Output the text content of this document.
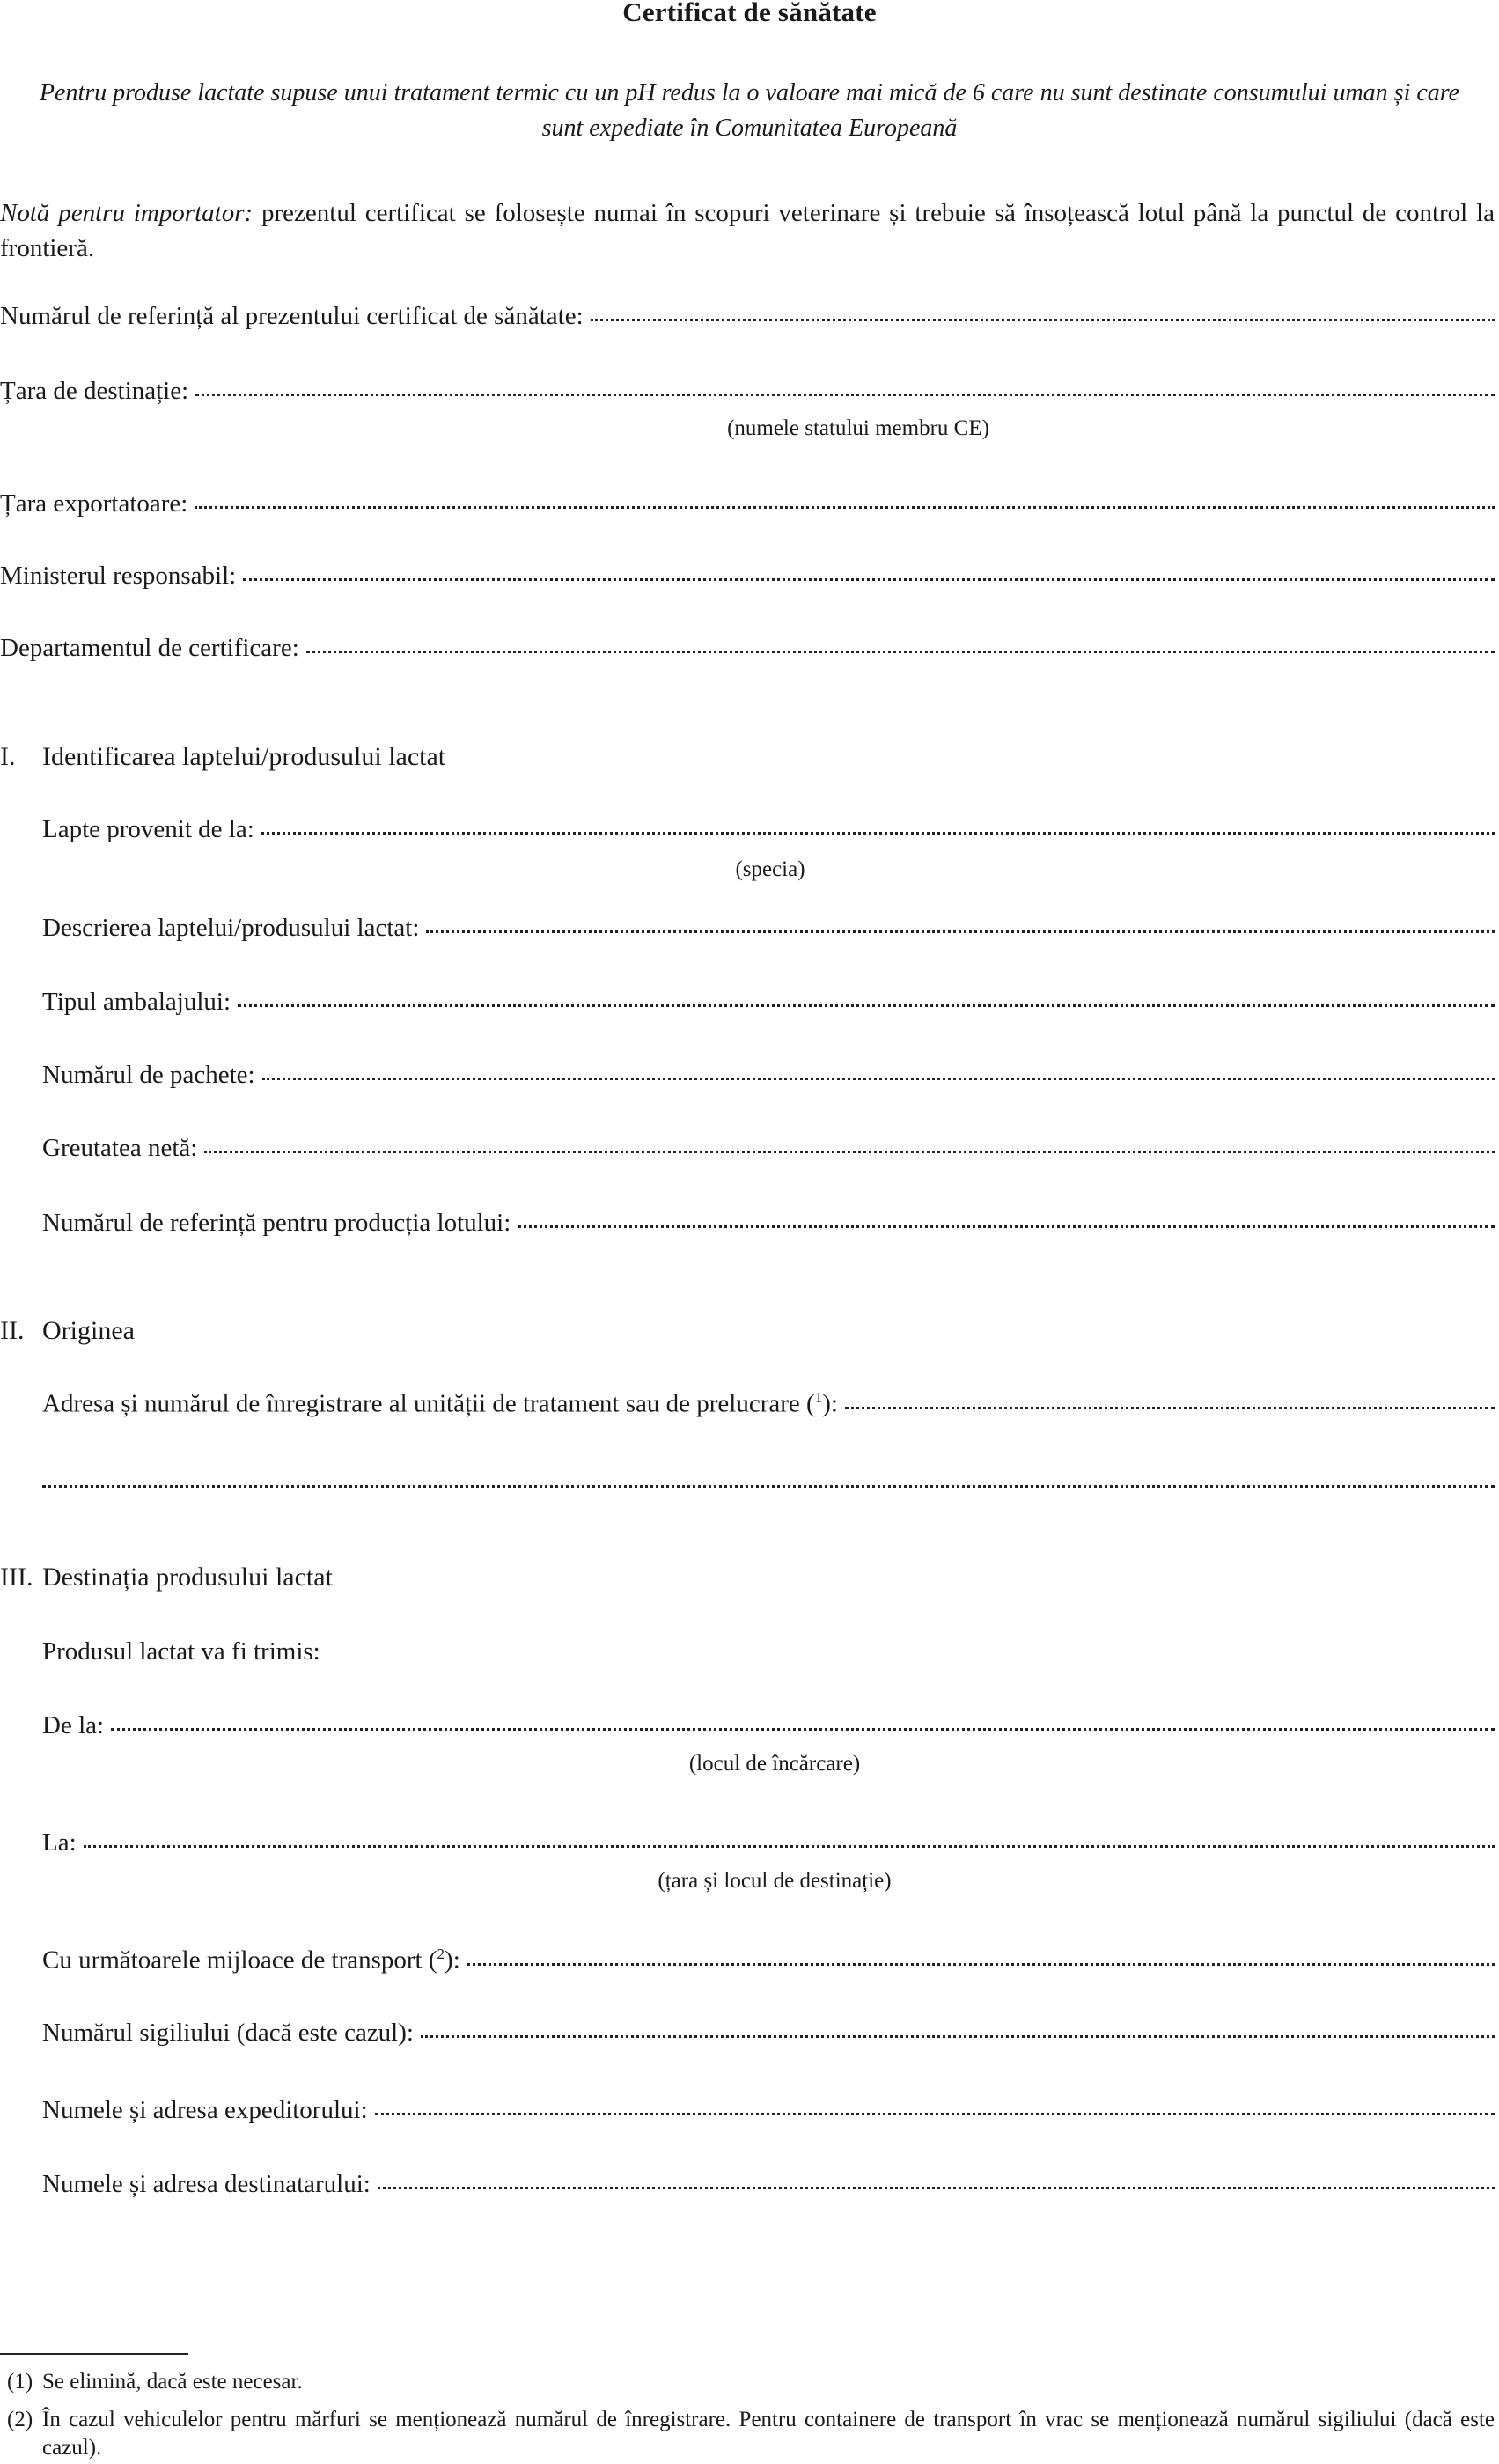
Certificat de sănătate
Pentru produse lactate supuse unui tratament termic cu un pH redus la o valoare mai mică de 6 care nu sunt destinate consumului uman și care sunt expediate în Comunitatea Europeană
Notă pentru importator: prezentul certificat se folosește numai în scopuri veterinare și trebuie să însoțească lotul până la punctul de control la frontieră.
Numărul de referință al prezentului certificat de sănătate:
Țara de destinație:
(numele statului membru CE)
Țara exportatoare:
Ministerul responsabil:
Departamentul de certificare:
I. Identificarea laptelui/produsului lactat
Lapte provenit de la:
(specia)
Descrierea laptelui/produsului lactat:
Tipul ambalajului:
Numărul de pachete:
Greutatea netă:
Numărul de referință pentru producția lotului:
II. Originea
Adresa și numărul de înregistrare al unității de tratament sau de prelucrare ($^1$):
III. Destinația produsului lactat
Produsul lactat va fi trimis:
De la:
(locul de încărcare)
La:
(țara și locul de destinație)
Cu următoarele mijloace de transport ($^2$):
Numărul sigiliului (dacă este cazul):
Numele și adresa expeditorului:
Numele și adresa destinatarului:
(1) Se elimină, dacă este necesar.
(2) În cazul vehiculelor pentru mărfuri se menționează numărul de înregistrare. Pentru containere de transport în vrac se menționează numărul sigiliului (dacă este cazul).
